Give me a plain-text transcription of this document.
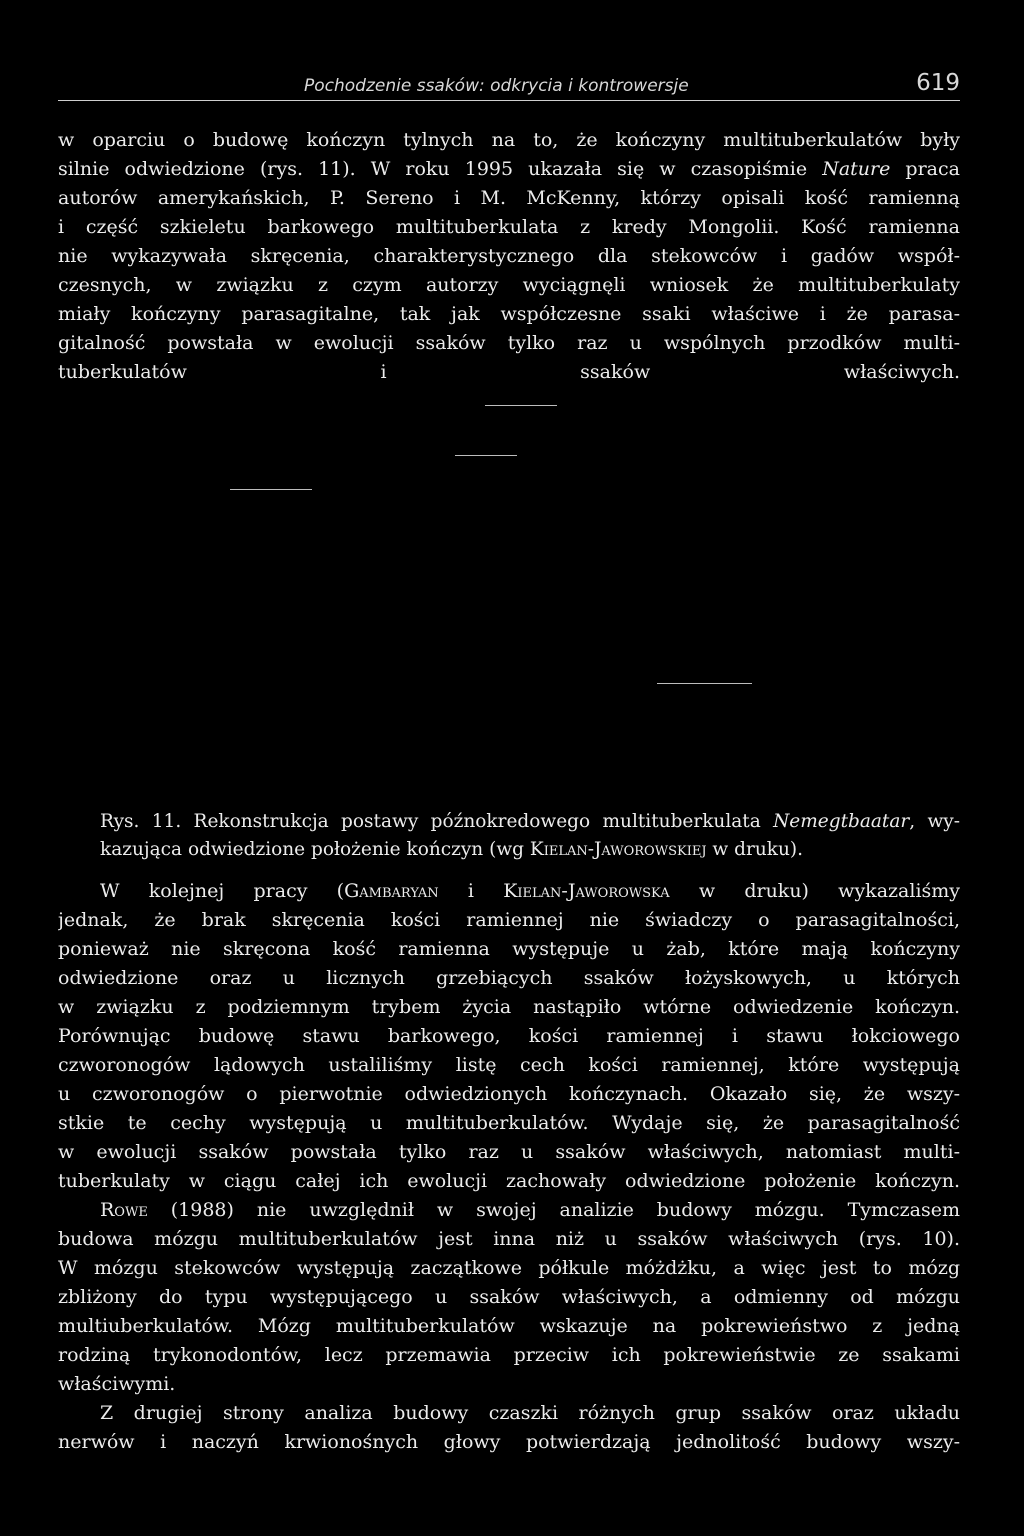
Pochodzenie ssaków: odkrycia i kontrowersje	619
w oparciu o budowę kończyn tylnych na to, że kończyny multituberkulatów były
silnie odwiedzione (rys. 11). W roku 1995 ukazała się w czasopiśmie Nature praca
autorów amerykańskich, P. Sereno i M. McKenny, którzy opisali kość ramienną
i część szkieletu barkowego multituberkulata z kredy Mongolii. Kość ramienna
nie wykazywała skręcenia, charakterystycznego dla stekowców i gadów współ-
czesnych, w związku z czym autorzy wyciągnęli wniosek że multituberkulaty
miały kończyny parasagitalne, tak jak współczesne ssaki właściwe i że parasa-
gitalność powstała w ewolucji ssaków tylko raz u wspólnych przodków multi-
tuberkulatów i ssaków właściwych.
Rys. 11. Rekonstrukcja postawy późnokredowego multituberkulata Nemegtbaatar, wy-
kazująca odwiedzione położenie kończyn (wg Kielan-Jaworowskiej w druku).
W kolejnej pracy (Gambaryan i Kielan-Jaworowska w druku) wykazaliśmy
jednak, że brak skręcenia kości ramiennej nie świadczy o parasagitalności,
ponieważ nie skręcona kość ramienna występuje u żab, które mają kończyny
odwiedzione oraz u licznych grzebiących ssaków łożyskowych, u których
w związku z podziemnym trybem życia nastąpiło wtórne odwiedzenie kończyn.
Porównując budowę stawu barkowego, kości ramiennej i stawu łokciowego
czworonogów lądowych ustaliliśmy listę cech kości ramiennej, które występują
u czworonogów o pierwotnie odwiedzionych kończynach. Okazało się, że wszy-
stkie te cechy występują u multituberkulatów. Wydaje się, że parasagitalność
w ewolucji ssaków powstała tylko raz u ssaków właściwych, natomiast multi-
tuberkulaty w ciągu całej ich ewolucji zachowały odwiedzione położenie kończyn.
Rowe (1988) nie uwzględnił w swojej analizie budowy mózgu. Tymczasem
budowa mózgu multituberkulatów jest inna niż u ssaków właściwych (rys. 10).
W mózgu stekowców występują zaczątkowe półkule móżdżku, a więc jest to mózg
zbliżony do typu występującego u ssaków właściwych, a odmienny od mózgu
multiuberkulatów. Mózg multituberkulatów wskazuje na pokrewieństwo z jedną
rodziną trykonodontów, lecz przemawia przeciw ich pokrewieństwie ze ssakami
właściwymi.
Z drugiej strony analiza budowy czaszki różnych grup ssaków oraz układu
nerwów i naczyń krwionośnych głowy potwierdzają jednolitość budowy wszy-
